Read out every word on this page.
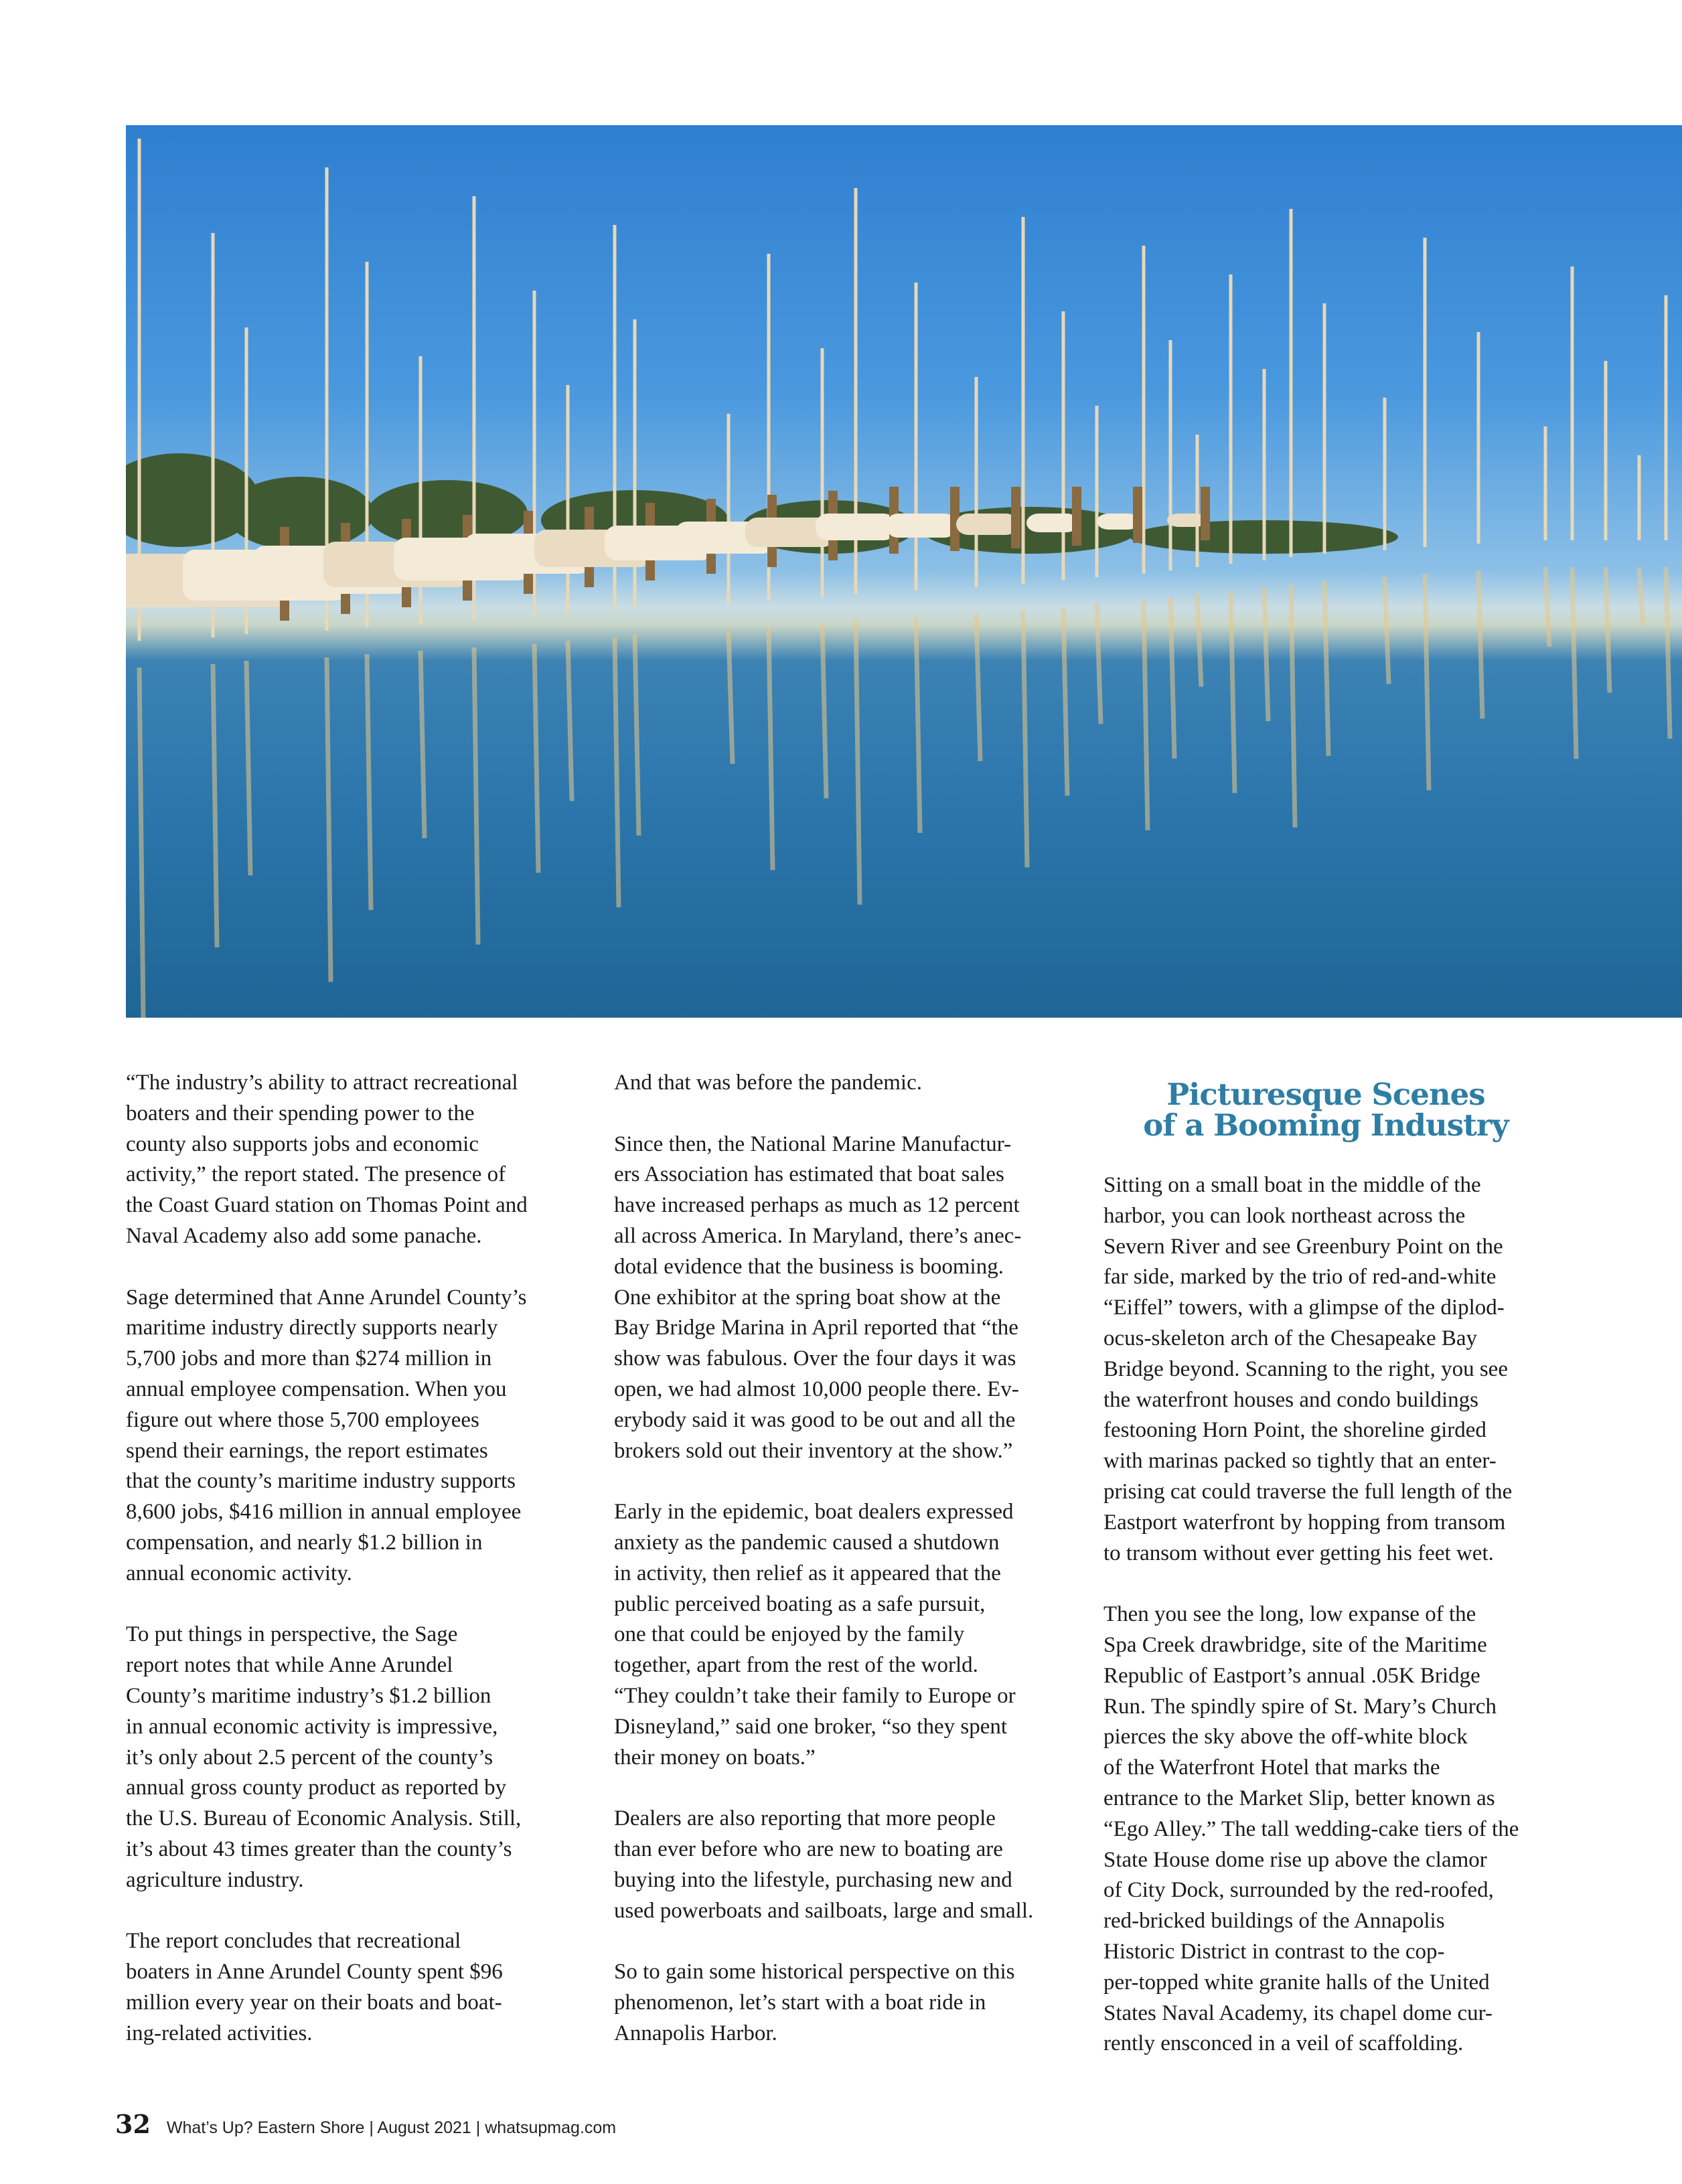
“The industry’s ability to attract recreational
boaters and their spending power to the
county also supports jobs and economic
activity,” the report stated. The presence of
the Coast Guard station on Thomas Point and
Naval Academy also add some panache.
Sage determined that Anne Arundel County’s
maritime industry directly supports nearly
5,700 jobs and more than $274 million in
annual employee compensation. When you
figure out where those 5,700 employees
spend their earnings, the report estimates
that the county’s maritime industry supports
8,600 jobs, $416 million in annual employee
compensation, and nearly $1.2 billion in
annual economic activity.
To put things in perspective, the Sage
report notes that while Anne Arundel
County’s maritime industry’s $1.2 billion
in annual economic activity is impressive,
it’s only about 2.5 percent of the county’s
annual gross county product as reported by
the U.S. Bureau of Economic Analysis. Still,
it’s about 43 times greater than the county’s
agriculture industry.
The report concludes that recreational
boaters in Anne Arundel County spent $96
million every year on their boats and boat-
ing-related activities.
And that was before the pandemic.
Since then, the National Marine Manufactur-
ers Association has estimated that boat sales
have increased perhaps as much as 12 percent
all across America. In Maryland, there’s anec-
dotal evidence that the business is booming.
One exhibitor at the spring boat show at the
Bay Bridge Marina in April reported that “the
show was fabulous. Over the four days it was
open, we had almost 10,000 people there. Ev-
erybody said it was good to be out and all the
brokers sold out their inventory at the show.”
Early in the epidemic, boat dealers expressed
anxiety as the pandemic caused a shutdown
in activity, then relief as it appeared that the
public perceived boating as a safe pursuit,
one that could be enjoyed by the family
together, apart from the rest of the world.
“They couldn’t take their family to Europe or
Disneyland,” said one broker, “so they spent
their money on boats.”
Dealers are also reporting that more people
than ever before who are new to boating are
buying into the lifestyle, purchasing new and
used powerboats and sailboats, large and small.
So to gain some historical perspective on this
phenomenon, let’s start with a boat ride in
Annapolis Harbor.
Picturesque Scenes
of a Booming Industry
Sitting on a small boat in the middle of the
harbor, you can look northeast across the
Severn River and see Greenbury Point on the
far side, marked by the trio of red-and-white
“Eiffel” towers, with a glimpse of the diplod-
ocus-skeleton arch of the Chesapeake Bay
Bridge beyond. Scanning to the right, you see
the waterfront houses and condo buildings
festooning Horn Point, the shoreline girded
with marinas packed so tightly that an enter-
prising cat could traverse the full length of the
Eastport waterfront by hopping from transom
to transom without ever getting his feet wet.
Then you see the long, low expanse of the
Spa Creek drawbridge, site of the Maritime
Republic of Eastport’s annual .05K Bridge
Run. The spindly spire of St. Mary’s Church
pierces the sky above the off-white block
of the Waterfront Hotel that marks the
entrance to the Market Slip, better known as
“Ego Alley.” The tall wedding-cake tiers of the
State House dome rise up above the clamor
of City Dock, surrounded by the red-roofed,
red-bricked buildings of the Annapolis
Historic District in contrast to the cop-
per-topped white granite halls of the United
States Naval Academy, its chapel dome cur-
rently ensconced in a veil of scaffolding.
32 What’s Up? Eastern Shore | August 2021 | whatsupmag.com
